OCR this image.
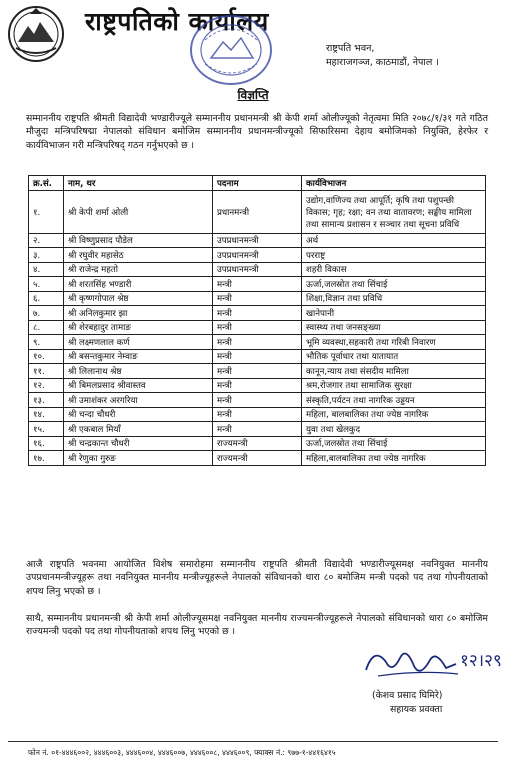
राष्ट्रपतिको कार्यालय
राष्ट्रपति भवन,
महाराजगञ्ज, काठमाडौं, नेपाल ।
विज्ञप्ति
सम्माननीय राष्ट्रपति श्रीमती विद्यादेवी भण्डारीज्यूले सम्माननीय प्रधानमन्त्री श्री केपी शर्मा ओलीज्यूको नेतृत्वमा मिति २०७८/१/३१ गते गठित मौजुदा मन्त्रिपरिषद्मा नेपालको संविधान बमोजिम सम्माननीय प्रधानमन्त्रीज्यूको सिफारिसमा देहाय बमोजिमको नियुक्ति, हेरफेर र कार्यविभाजन गरी मन्त्रिपरिषद् गठन गर्नुभएको छ ।
क्र.सं.	नाम, थर	पदनाम	कार्यविभाजन
१.	श्री केपी शर्मा ओली	प्रधानमन्त्री	उद्योग,वाणिज्य तथा आपूर्ति; कृषि तथा पशुपन्छी विकास; गृह; रक्षा; वन तथा वातावरण; सङ्घीय मामिला तथा सामान्य प्रशासन र सञ्चार तथा सूचना प्रविधि
२.	श्री विष्णुप्रसाद पौडेल	उपप्रधानमन्त्री	अर्थ
३.	श्री रघुवीर महासेठ	उपप्रधानमन्त्री	परराष्ट्र
४.	श्री राजेन्द्र महतो	उपप्रधानमन्त्री	शहरी विकास
५.	श्री शरतसिंह भण्डारी	मन्त्री	ऊर्जा,जलस्रोत तथा सिंचाई
६.	श्री कृष्णगोपाल श्रेष्ठ	मन्त्री	शिक्षा,विज्ञान तथा प्रविधि
७.	श्री अनिलकुमार झा	मन्त्री	खानेपानी
८.	श्री शेरबहादुर तामाङ	मन्त्री	स्वास्थ्य तथा जनसङ्ख्या
९.	श्री लक्ष्मणलाल कर्ण	मन्त्री	भूमि व्यवस्था,सहकारी तथा गरिबी निवारण
१०.	श्री बसन्तकुमार नेम्वाङ	मन्त्री	भौतिक पूर्वाधार तथा यातायात
११.	श्री लिलानाथ श्रेष्ठ	मन्त्री	कानून,न्याय तथा संसदीय मामिला
१२.	श्री बिमलप्रसाद श्रीवास्तव	मन्त्री	श्रम,रोजगार तथा सामाजिक सुरक्षा
१३.	श्री उमाशंकर अरगरिया	मन्त्री	संस्कृति,पर्यटन तथा नागरिक उड्डयन
१४.	श्री चन्दा चौधरी	मन्त्री	महिला, बालबालिका तथा ज्येष्ठ नागरिक
१५.	श्री एकबाल मियाँ	मन्त्री	युवा तथा खेलकुद
१६.	श्री चन्द्रकान्त चौधरी	राज्यमन्त्री	ऊर्जा,जलस्रोत तथा सिंचाई
१७.	श्री रेणुका गुरुङ	राज्यमन्त्री	महिला,बालबालिका तथा ज्येष्ठ नागरिक
आजै राष्ट्रपति भवनमा आयोजित विशेष समारोहमा सम्माननीय राष्ट्रपति श्रीमती विद्यादेवी भण्डारीज्यूसमक्ष नवनियुक्त माननीय उपप्रधानमन्त्रीज्यूहरू तथा नवनियुक्त माननीय मन्त्रीज्यूहरूले नेपालको संविधानको धारा ८० बमोजिम मन्त्री पदको पद तथा गोपनीयताको शपथ लिनु भएको छ ।
साथै, सम्माननीय प्रधानमन्त्री श्री केपी शर्मा ओलीज्यूसमक्ष नवनियुक्त माननीय राज्यमन्त्रीज्यूहरूले नेपालको संविधानको धारा ८० बमोजिम राज्यमन्त्री पदको पद तथा गोपनीयताको शपथ लिनु भएको छ ।
१२।२९
(केशव प्रसाद घिमिरे)
सहायक प्रवक्ता
फोन नं. ०१-४४४६००२, ४४४६००३, ४४४६००४, ४४४६००७, ४४४६००८, ४४४६००९, फ्याक्स नं.: ९७७-१-४४१६४१५
